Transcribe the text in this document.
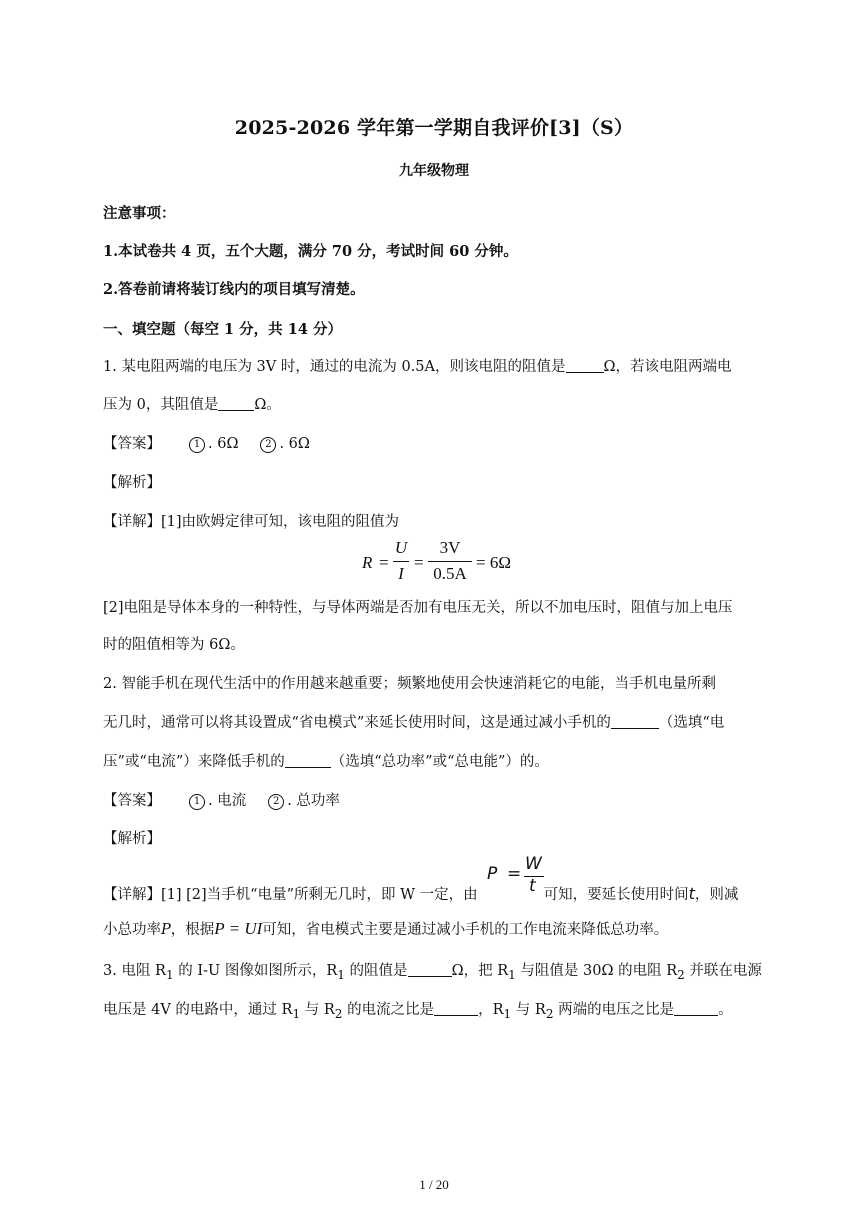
2025-2026 学年第一学期自我评价[3]（S）
九年级物理
注意事项：
1.本试卷共 4 页，五个大题，满分 70 分，考试时间 60 分钟。
2.答卷前请将装订线内的项目填写清楚。
一、填空题（每空 1 分，共 14 分）
1. 某电阻两端的电压为 3V 时，通过的电流为 0.5A，则该电阻的阻值是	Ω，若该电阻两端电
压为 0，其阻值是 Ω。
【答案】	1 . 6Ω	2 . 6Ω
【解析】
【详解】[1]由欧姆定律可知，该电阻的阻值为
R =
U
I
=
3V
0.5A
= 6Ω
[2]电阻是导体本身的一种特性，与导体两端是否加有电压无关，所以不加电压时，阻值与加上电压
时的阻值相等为 6Ω。
2. 智能手机在现代生活中的作用越来越重要；频繁地使用会快速消耗它的电能，当手机电量所剩
无几时，通常可以将其设置成“省电模式”来延长使用时间，这是通过减小手机的	（选填“电
压”或“电流”）来降低手机的	（选填“总功率”或“总电能”）的。
【答案】	1 . 电流	2 . 总功率
【解析】
【详解】[1] [2]当手机“电量”所剩无几时，即 W 一定，由	可知，要延长使用时间t，则减
P = W
t
小总功率P，根据P = UI可知，省电模式主要是通过减小手机的工作电流来降低总功率。
3. 电阻 $R_1$ 的 I-U 图像如图所示，$R_1$ 的阻值是	Ω，把 $R_1$ 与阻值是 30Ω 的电阻 $R_2$ 并联在电源
电压是 4V 的电路中，通过 $R_1$ 与 $R_2$ 的电流之比是	，$R_1$ 与 $R_2$ 两端的电压之比是	。
1 / 20
